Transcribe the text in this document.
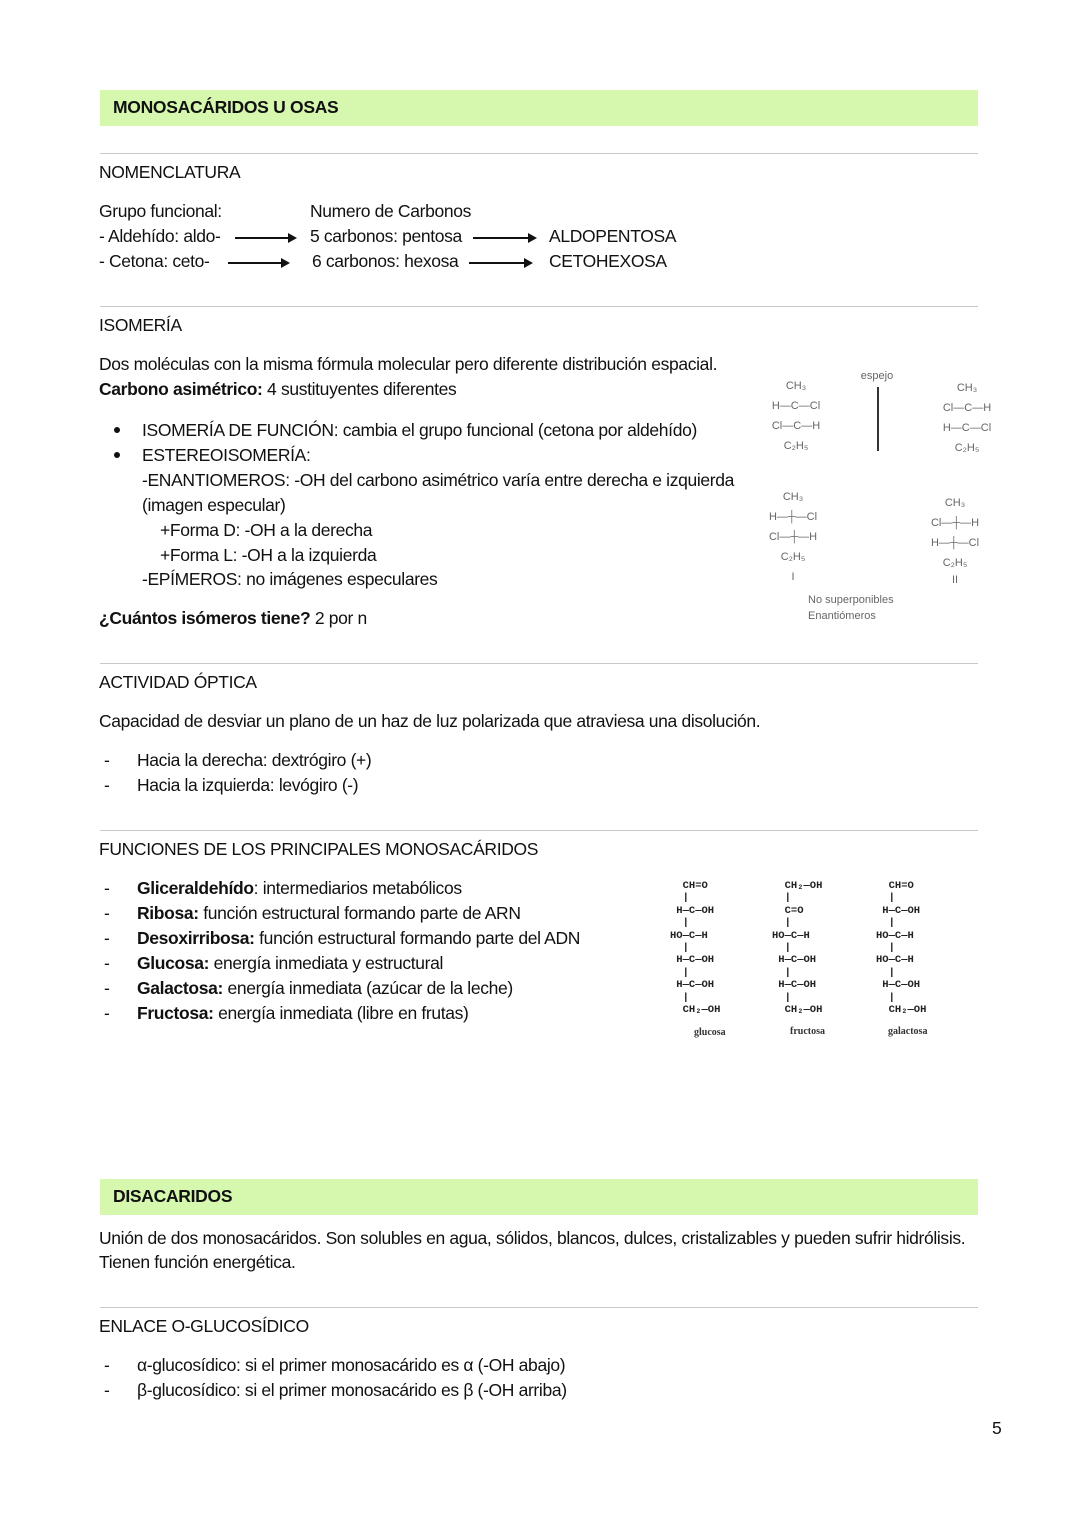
MONOSACÁRIDOS U OSAS
NOMENCLATURA
Grupo funcional:	Numero de Carbonos
- Aldehído: aldo-	5 carbonos: pentosa	ALDOPENTOSA
- Cetona: ceto-	6 carbonos: hexosa	CETOHEXOSA
ISOMERÍA
Dos moléculas con la misma fórmula molecular pero diferente distribución espacial.
Carbono asimétrico: 4 sustituyentes diferentes
ISOMERÍA DE FUNCIÓN: cambia el grupo funcional (cetona por aldehído)
ESTEREOISOMERÍA:
-ENANTIOMEROS: -OH del carbono asimétrico varía entre derecha e izquierda
(imagen especular)
+Forma D: -OH a la derecha
+Forma L: -OH a la izquierda
-EPÍMEROS: no imágenes especulares
¿Cuántos isómeros tiene? 2 por n
espejo
CH₃
H—C—Cl
Cl—C—H
C₂H₅
CH₃
Cl—C—H
H—C—Cl
C₂H₅
CH₃
H—┼—Cl
Cl—┼—H
C₂H₅
I
CH₃
Cl—┼—H
H—┼—Cl
C₂H₅
II
No superponibles
Enantiómeros
ACTIVIDAD ÓPTICA
Capacidad de desviar un plano de un haz de luz polarizada que atraviesa una disolución.
- Hacia la derecha: dextrógiro (+)
- Hacia la izquierda: levógiro (-)
FUNCIONES DE LOS PRINCIPALES MONOSACÁRIDOS
- Gliceraldehído: intermediarios metabólicos
- Ribosa: función estructural formando parte de ARN
- Desoxirribosa: función estructural formando parte del ADN
- Glucosa: energía inmediata y estructural
- Galactosa: energía inmediata (azúcar de la leche)
- Fructosa: energía inmediata (libre en frutas)
CH=O
|
H—C—OH
|
HO—C—H
|
H—C—OH
|
H—C—OH
|
CH₂—OH
CH₂—OH
|
C=O
|
HO—C—H
|
H—C—OH
|
H—C—OH
|
CH₂—OH
CH=O
|
H—C—OH
|
HO—C—H
|
HO—C—H
|
H—C—OH
|
CH₂—OH
glucosa	fructosa	galactosa
DISACARIDOS
Unión de dos monosacáridos. Son solubles en agua, sólidos, blancos, dulces, cristalizables y pueden sufrir hidrólisis.
Tienen función energética.
ENLACE O-GLUCOSÍDICO
- α-glucosídico: si el primer monosacárido es α (-OH abajo)
- β-glucosídico: si el primer monosacárido es β (-OH arriba)
5
